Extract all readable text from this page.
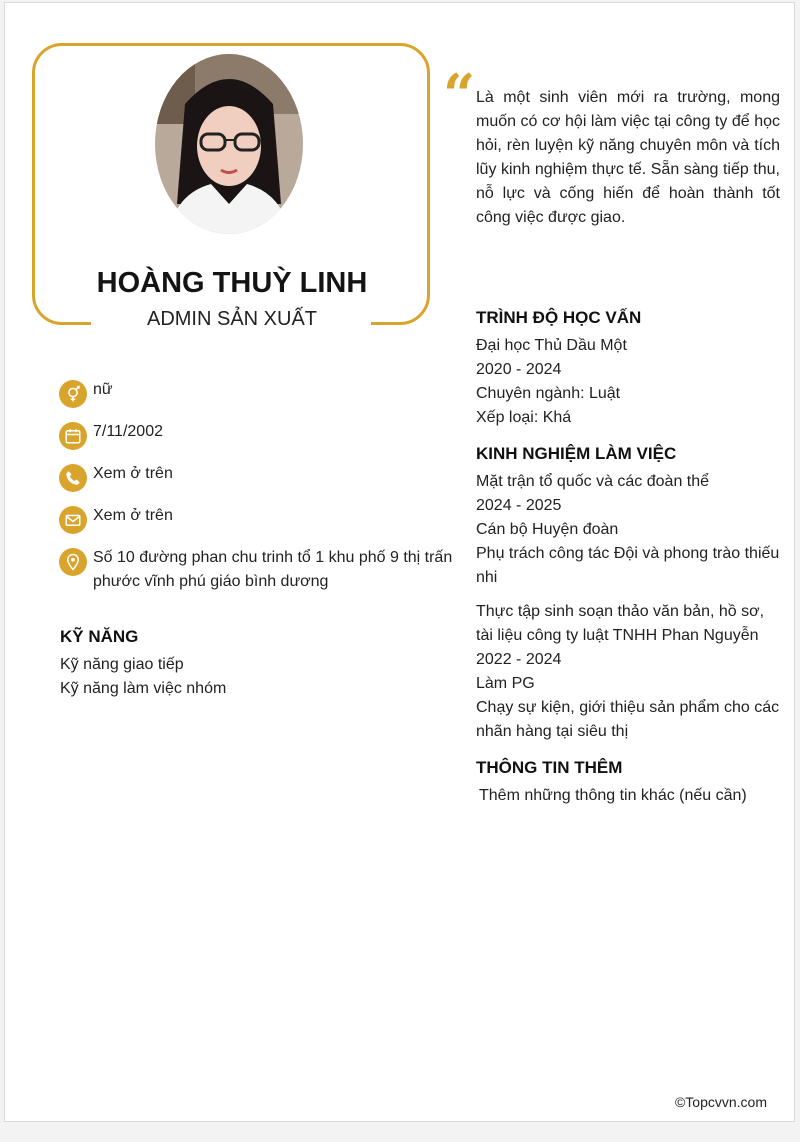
HOÀNG THUỲ LINH

ADMIN SẢN XUẤT

“ Là một sinh viên mới ra trường, mong muốn có cơ hội làm việc tại công ty để học hỏi, rèn luyện kỹ năng chuyên môn và tích lũy kinh nghiệm thực tế. Sẵn sàng tiếp thu, nỗ lực và cống hiến để hoàn thành tốt công việc được giao.

nữ
7/11/2002
Xem ở trên
Xem ở trên
Số 10 đường phan chu trinh tổ 1 khu phố 9 thị trấn phước vĩnh phú giáo bình dương
KỸ NĂNG
Kỹ năng giao tiếp
Kỹ năng làm việc nhóm
TRÌNH ĐỘ HỌC VẤN
Đại học Thủ Dầu Một
2020 - 2024
Chuyên ngành: Luật
Xếp loại: Khá
KINH NGHIỆM LÀM VIỆC
Mặt trận tổ quốc và các đoàn thể
2024 - 2025
Cán bộ Huyện đoàn
Phụ trách công tác Đội và phong trào thiếu nhi
Thực tập sinh soạn thảo văn bản, hồ sơ, tài liệu công ty luật TNHH Phan Nguyễn
2022 - 2024
Làm PG
Chạy sự kiện, giới thiệu sản phẩm cho các nhãn hàng tại siêu thị
THÔNG TIN THÊM
Thêm những thông tin khác (nếu cần)
©Topcvvn.com
